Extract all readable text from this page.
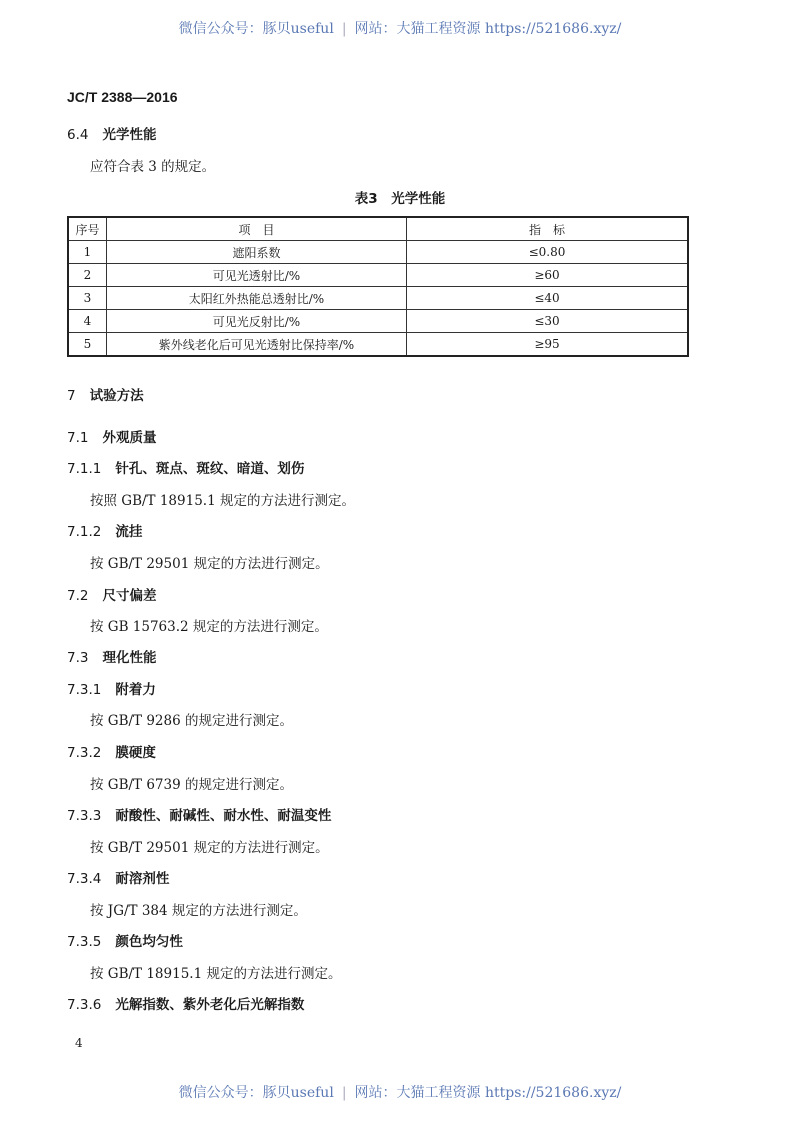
微信公众号：豚贝useful | 网站：大猫工程资源 https://521686.xyz/
JC/T 2388—2016
6.4 光学性能
应符合表 3 的规定。
表3　光学性能
序号	项　目	指　标
1	遮阳系数	≤0.80
2	可见光透射比/%	≥60
3	太阳红外热能总透射比/%	≤40
4	可见光反射比/%	≤30
5	紫外线老化后可见光透射比保持率/%	≥95
7 试验方法
7.1 外观质量
7.1.1 针孔、斑点、斑纹、暗道、划伤
按照 GB/T 18915.1 规定的方法进行测定。
7.1.2 流挂
按 GB/T 29501 规定的方法进行测定。
7.2 尺寸偏差
按 GB 15763.2 规定的方法进行测定。
7.3 理化性能
7.3.1 附着力
按 GB/T 9286 的规定进行测定。
7.3.2 膜硬度
按 GB/T 6739 的规定进行测定。
7.3.3 耐酸性、耐碱性、耐水性、耐温变性
按 GB/T 29501 规定的方法进行测定。
7.3.4 耐溶剂性
按 JG/T 384 规定的方法进行测定。
7.3.5 颜色均匀性
按 GB/T 18915.1 规定的方法进行测定。
7.3.6 光解指数、紫外老化后光解指数
4
微信公众号：豚贝useful | 网站：大猫工程资源 https://521686.xyz/
